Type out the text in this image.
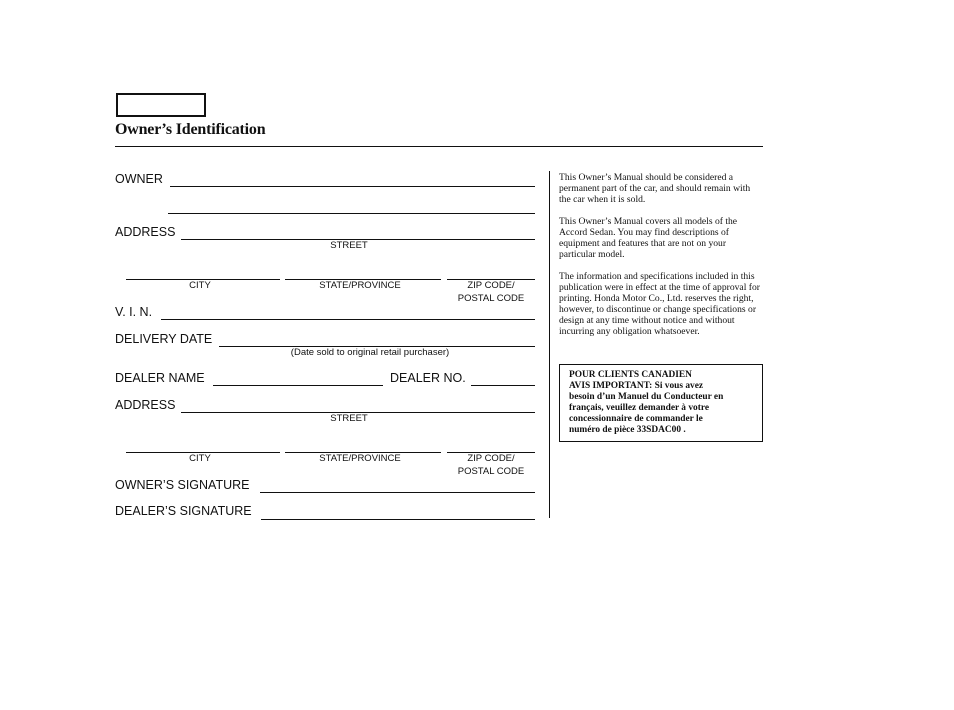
Owner’s Identification
OWNER
ADDRESS
STREET
CITY	STATE/PROVINCE	ZIP CODE/
POSTAL CODE
V. I. N.
DELIVERY DATE
(Date sold to original retail purchaser)
DEALER NAME	DEALER NO.
ADDRESS
STREET
CITY	STATE/PROVINCE	ZIP CODE/
POSTAL CODE
OWNER’S SIGNATURE
DEALER’S SIGNATURE
This Owner’s Manual should be considered a permanent part of the car, and should remain with the car when it is sold.
This Owner’s Manual covers all models of the Accord Sedan. You may find descriptions of equipment and features that are not on your particular model.
The information and specifications included in this publication were in effect at the time of approval for printing. Honda Motor Co., Ltd. reserves the right, however, to discontinue or change specifications or design at any time without notice and without incurring any obligation whatsoever.
POUR CLIENTS CANADIEN
AVIS IMPORTANT: Si vous avez
besoin d’un Manuel du Conducteur en
français, veuillez demander à votre
concessionnaire de commander le
numéro de pièce 33SDAC00 .
